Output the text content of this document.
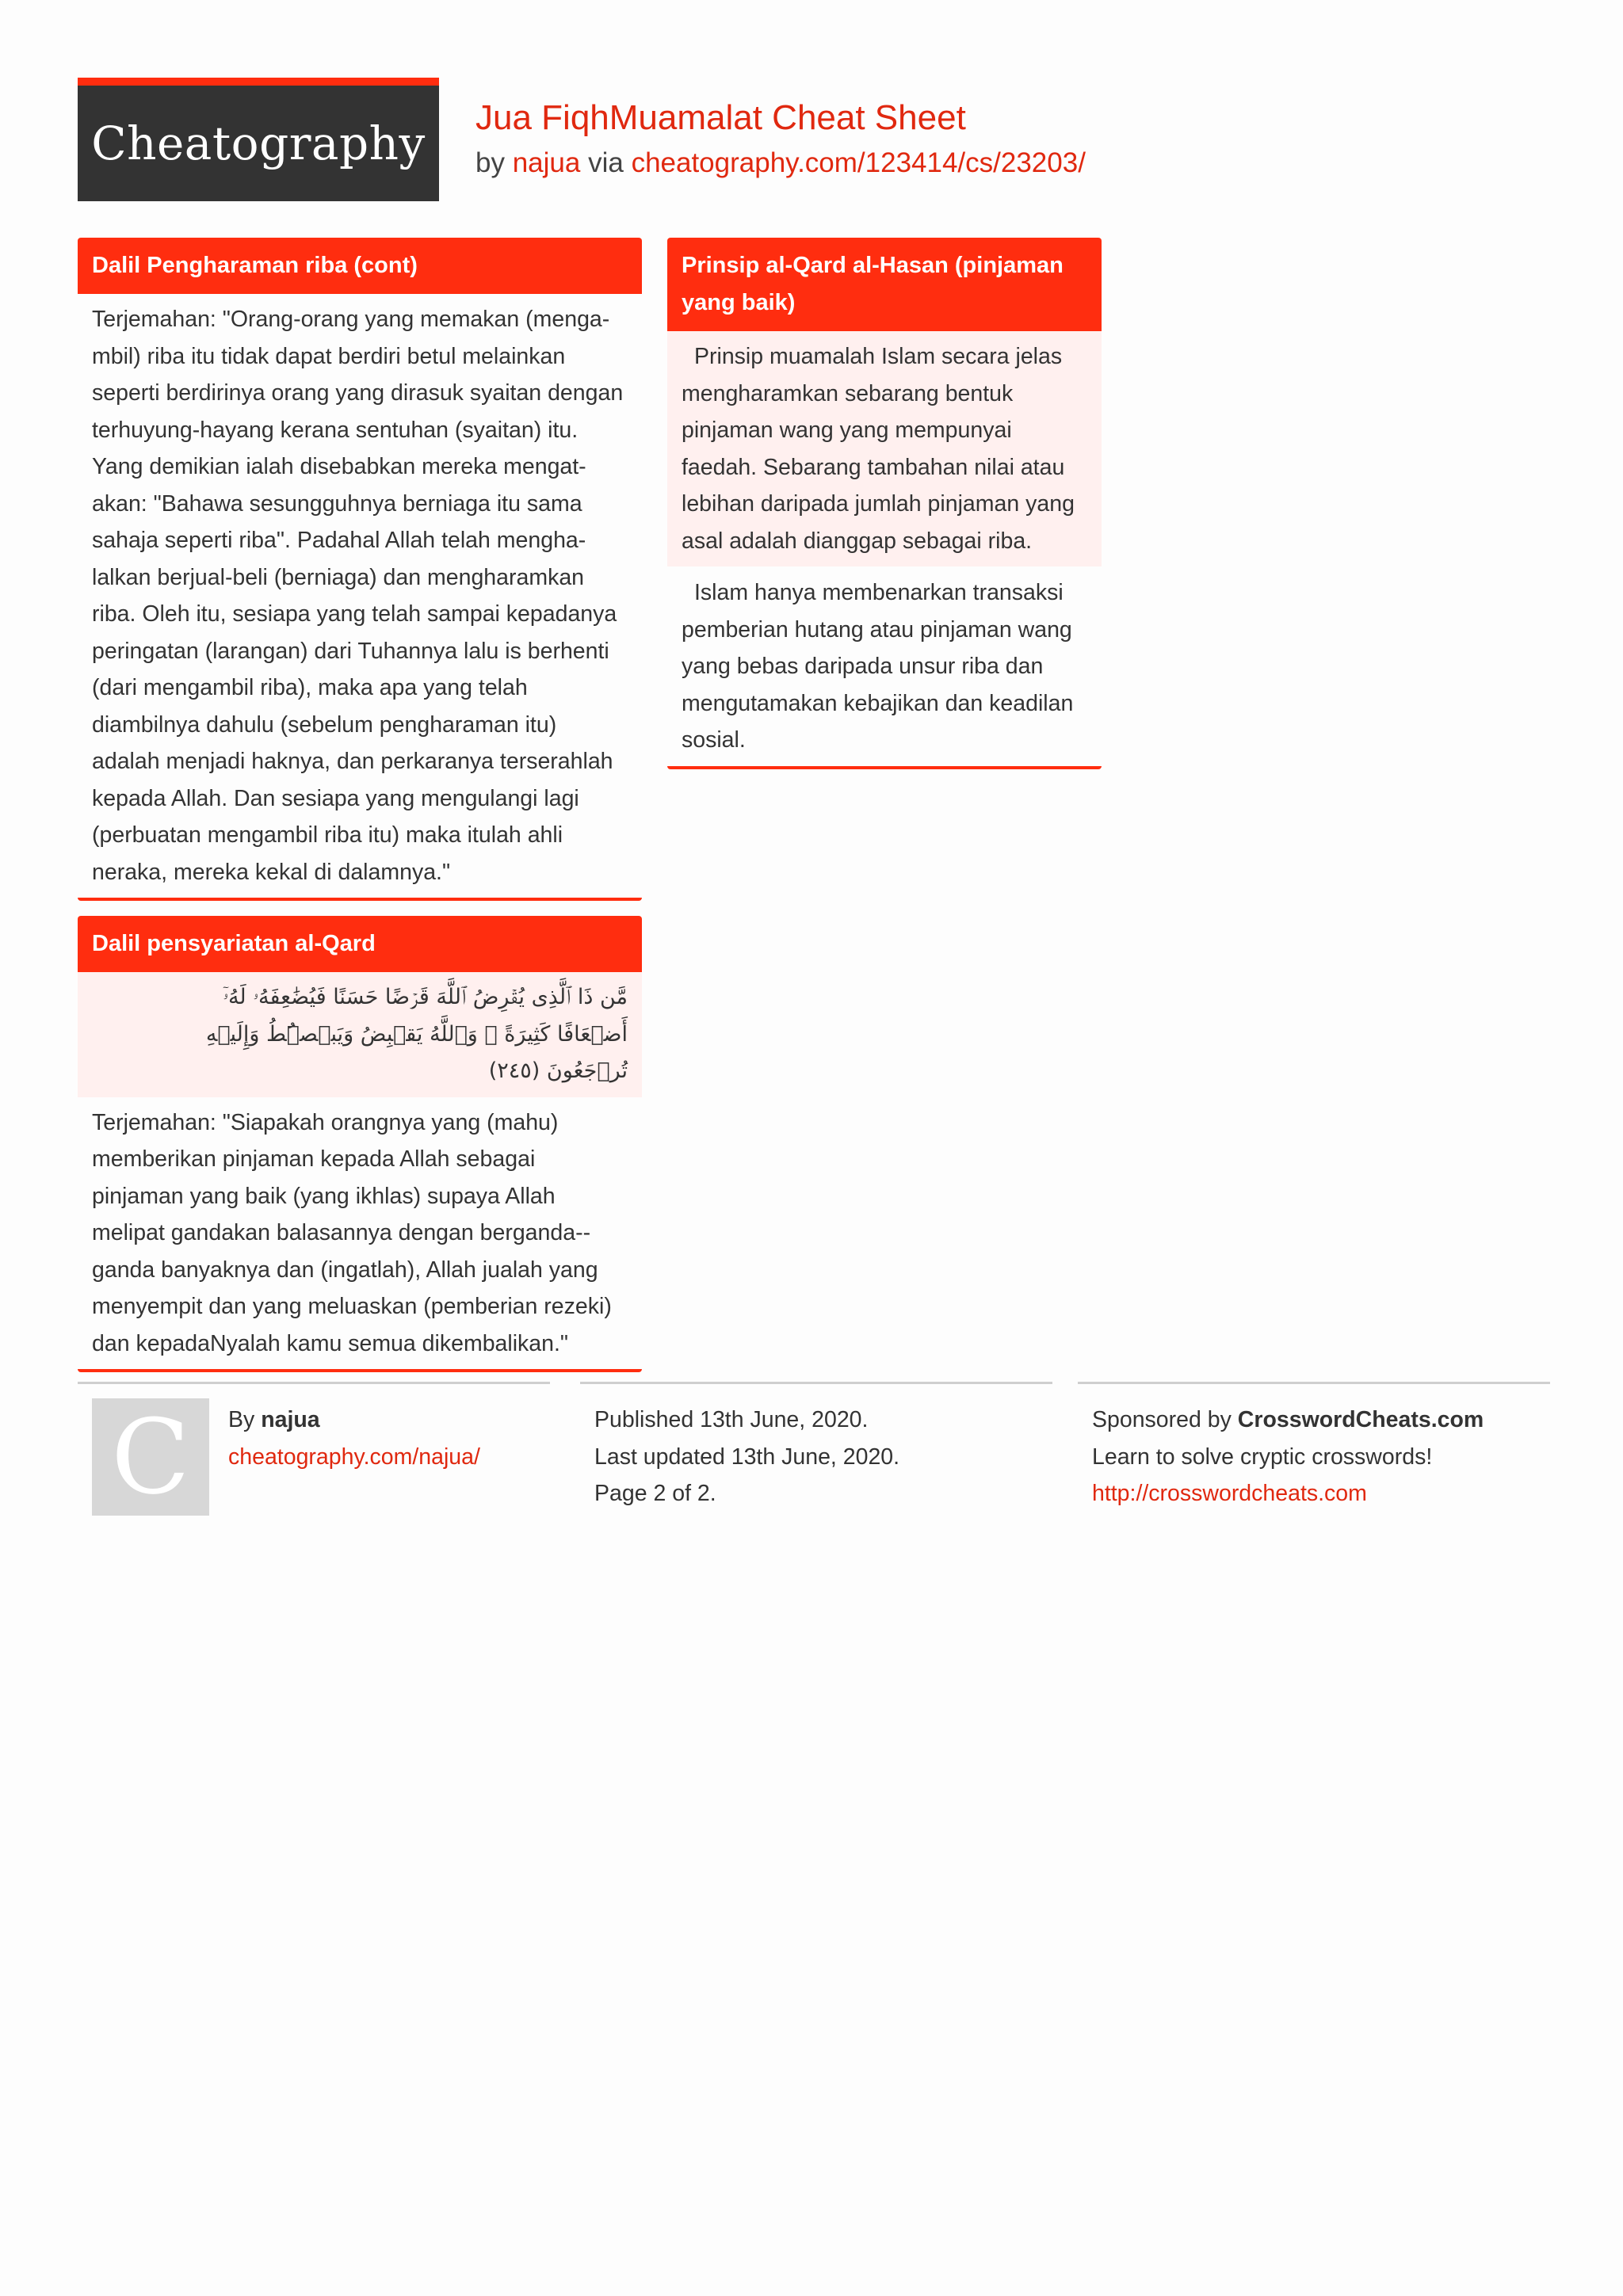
Cheatography Jua FiqhMuamalat Cheat Sheet
by najua via cheatography.com/123414/cs/23203/
Dalil Pengharaman riba (cont)
Terjemahan: "Orang-orang yang memakan (menga-
mbil) riba itu tidak dapat berdiri betul melainkan
seperti berdirinya orang yang dirasuk syaitan dengan
terhuyung-hayang kerana sentuhan (syaitan) itu.
Yang demikian ialah disebabkan mereka mengat-
akan: "Bahawa sesungguhnya berniaga itu sama
sahaja seperti riba". Padahal Allah telah mengha-
lalkan berjual-beli (berniaga) dan mengharamkan
riba. Oleh itu, sesiapa yang telah sampai kepadanya
peringatan (larangan) dari Tuhannya lalu is berhenti
(dari mengambil riba), maka apa yang telah
diambilnya dahulu (sebelum pengharaman itu)
adalah menjadi haknya, dan perkaranya terserahlah
kepada Allah. Dan sesiapa yang mengulangi lagi
(perbuatan mengambil riba itu) maka itulah ahli
neraka, mereka kekal di dalamnya."
Dalil pensyariatan al-Qard
مَّن ذَا ٱلَّذِى يُقۡرِضُ ٱللَّهَ قَرۡضًا حَسَنًا فَيُضَٰعِفَهُۥ لَهُۥٓ
أَضۡعَافًا كَثِيرَةً ۚ وَٱللَّهُ يَقۡبِضُ وَيَبۡصُۜطُ وَإِلَيۡهِ
تُرۡجَعُونَ (٢٤٥)
Terjemahan: "Siapakah orangnya yang (mahu)
memberikan pinjaman kepada Allah sebagai
pinjaman yang baik (yang ikhlas) supaya Allah
melipat gandakan balasannya dengan berganda--
ganda banyaknya dan (ingatlah), Allah jualah yang
menyempit dan yang meluaskan (pemberian rezeki)
dan kepadaNyalah kamu semua dikembalikan."
Prinsip al-Qard al-Hasan (pinjaman
yang baik)
Prinsip muamalah Islam secara jelas
mengharamkan sebarang bentuk
pinjaman wang yang mempunyai
faedah. Sebarang tambahan nilai atau
lebihan daripada jumlah pinjaman yang
asal adalah dianggap sebagai riba.
Islam hanya membenarkan transaksi
pemberian hutang atau pinjaman wang
yang bebas daripada unsur riba dan
mengutamakan kebajikan dan keadilan
sosial.
C By najua
cheatography.com/najua/
Published 13th June, 2020.
Last updated 13th June, 2020.
Page 2 of 2.
Sponsored by CrosswordCheats.com
Learn to solve cryptic crosswords!
http://crosswordcheats.com
